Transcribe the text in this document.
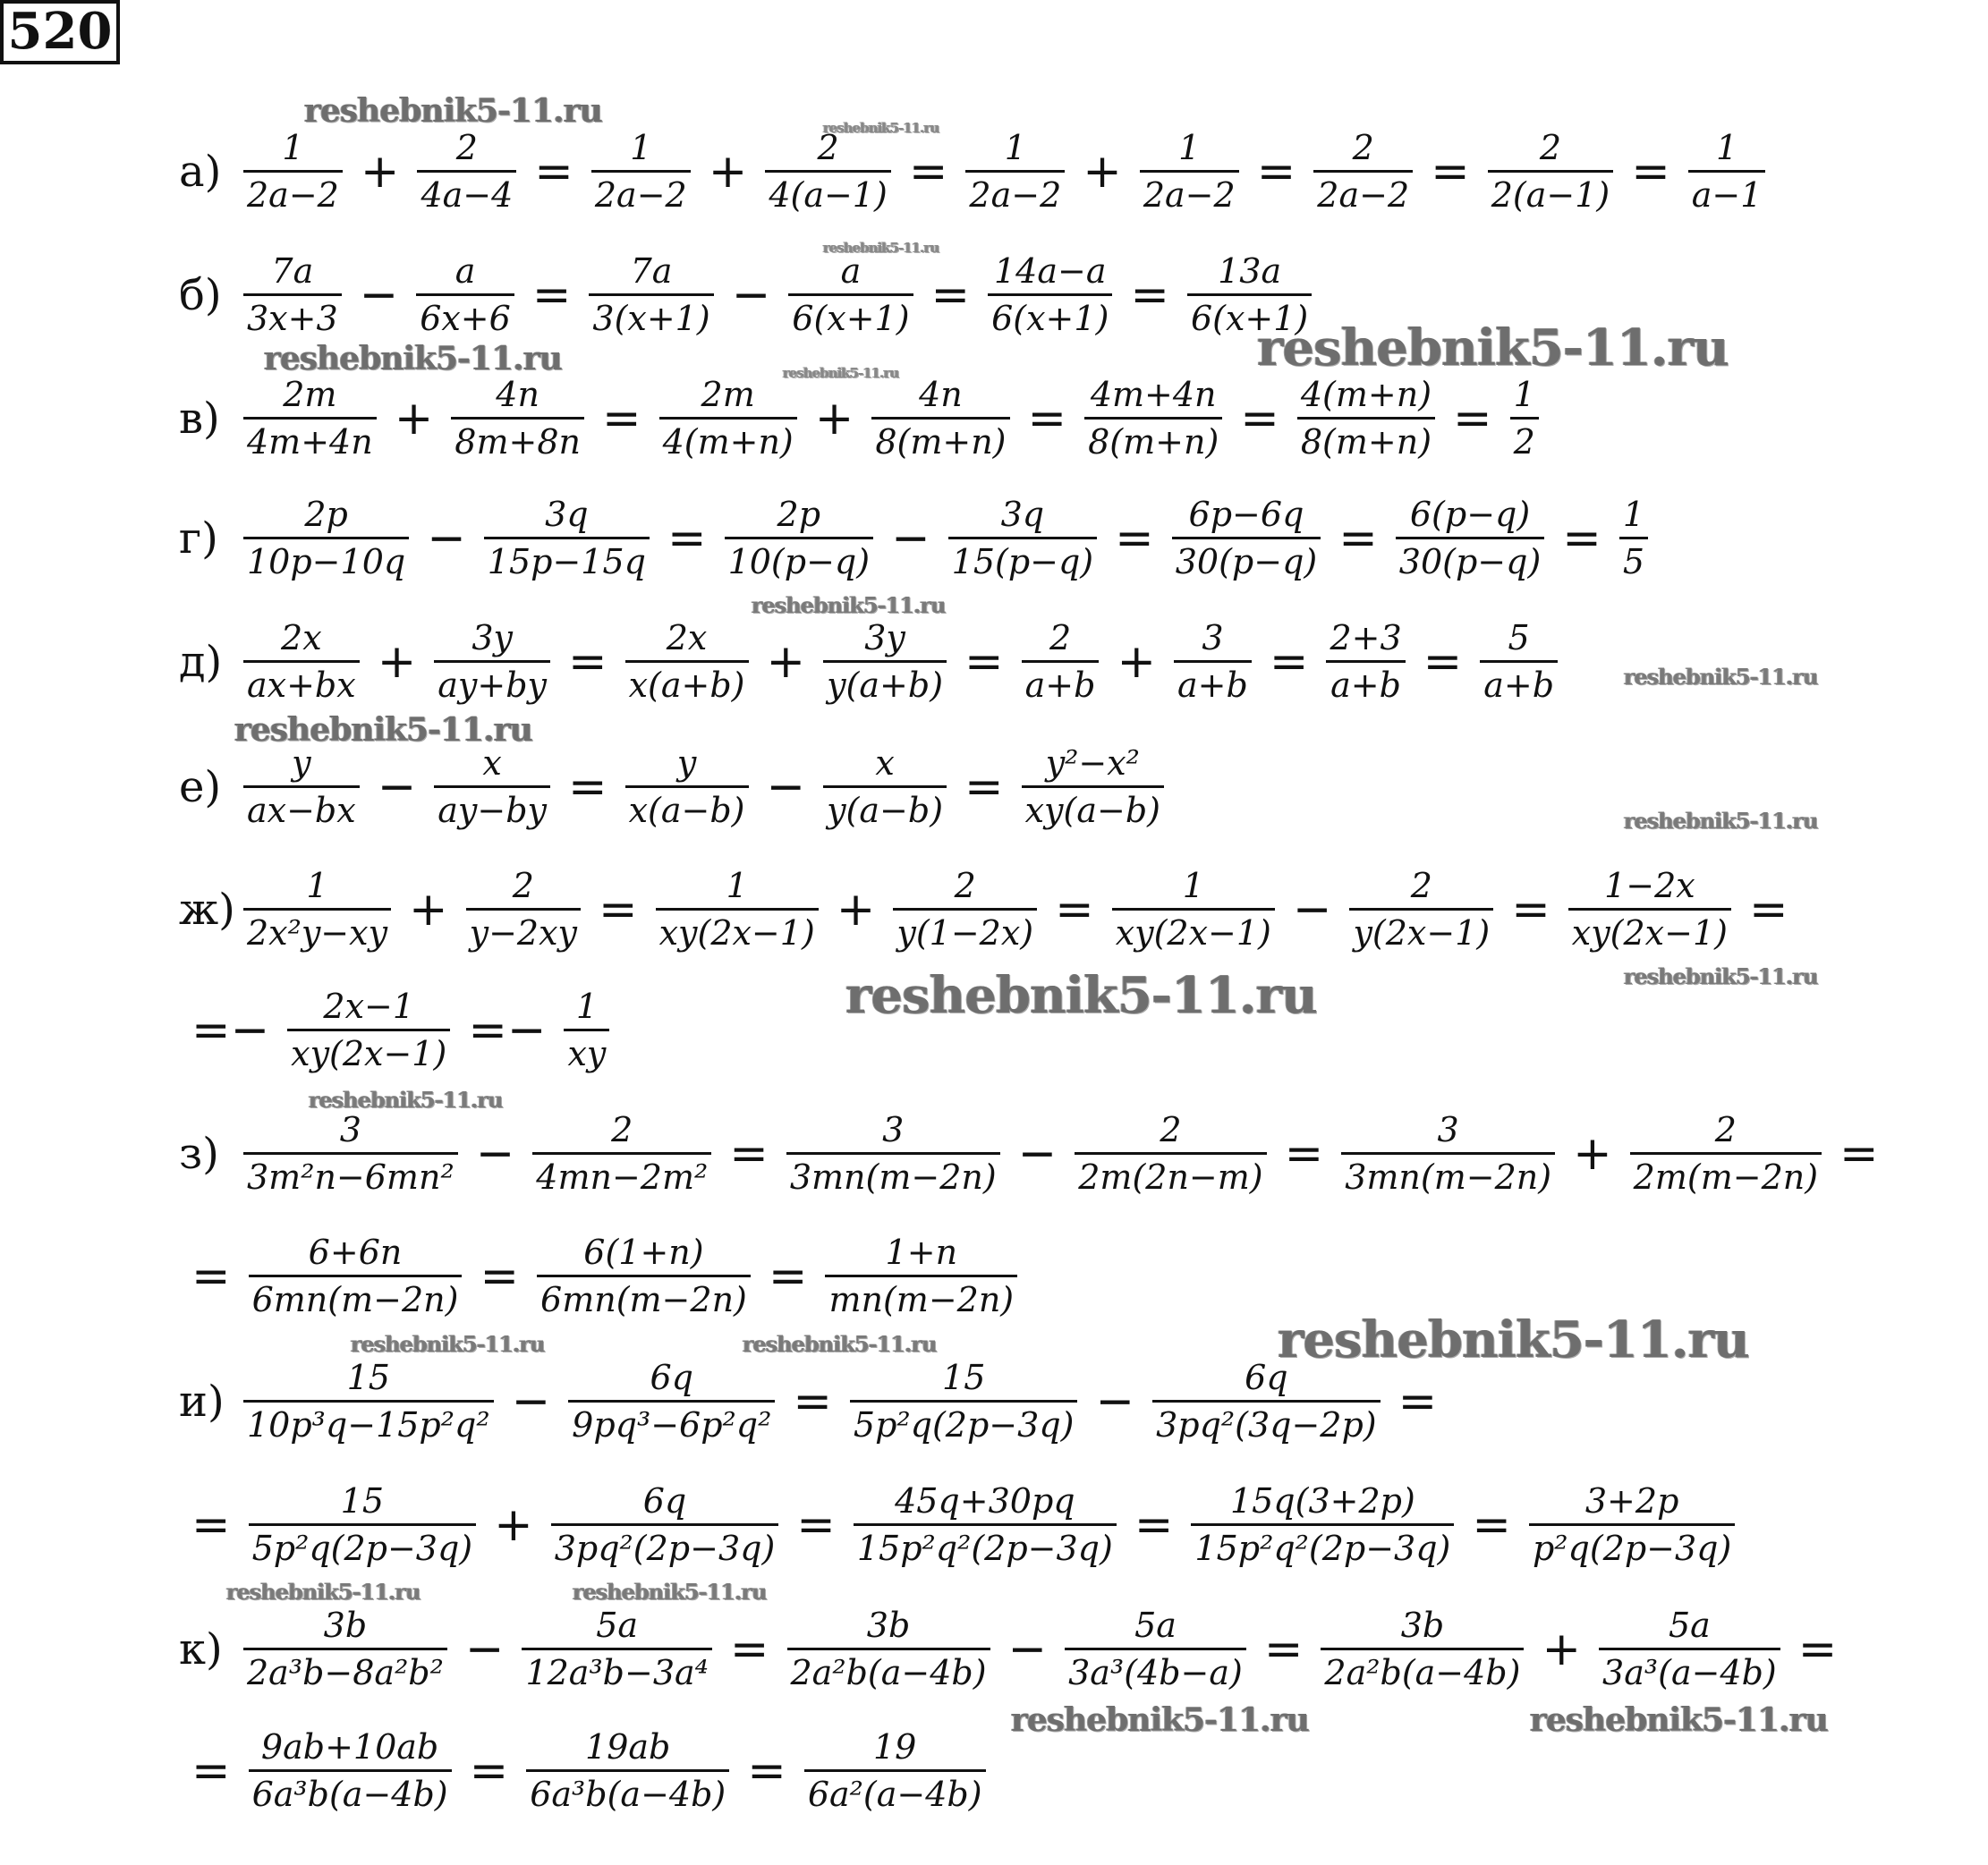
520
$а) \frac{1}{2a-2} + \frac{2}{4a-4} = \frac{1}{2a-2} + \frac{2}{4(a-1)} = \frac{1}{2a-2} + \frac{1}{2a-2} = \frac{2}{2a-2} = \frac{2}{2(a-1)} = \frac{1}{a-1}$
$б) \frac{7a}{3x+3} - \frac{a}{6x+6} = \frac{7a}{3(x+1)} - \frac{a}{6(x+1)} = \frac{14a-a}{6(x+1)} = \frac{13a}{6(x+1)}$
$в) \frac{2m}{4m+4n} + \frac{4n}{8m+8n} = \frac{2m}{4(m+n)} + \frac{4n}{8(m+n)} = \frac{4m+4n}{8(m+n)} = \frac{4(m+n)}{8(m+n)} = \frac{1}{2}$
$г) \frac{2p}{10p-10q} - \frac{3q}{15p-15q} = \frac{2p}{10(p-q)} - \frac{3q}{15(p-q)} = \frac{6p-6q}{30(p-q)} = \frac{6(p-q)}{30(p-q)} = \frac{1}{5}$
$д) \frac{2x}{ax+bx} + \frac{3y}{ay+by} = \frac{2x}{x(a+b)} + \frac{3y}{y(a+b)} = \frac{2}{a+b} + \frac{3}{a+b} = \frac{2+3}{a+b} = \frac{5}{a+b}$
$е) \frac{y}{ax-bx} - \frac{x}{ay-by} = \frac{y}{x(a-b)} - \frac{x}{y(a-b)} = \frac{\text{y²−x²}}{xy(a-b)}$
$ж) \frac{1}{\text{2x²y−xy}} + \frac{2}{y-2xy} = \frac{1}{xy(2x-1)} + \frac{2}{y(1-2x)} = \frac{1}{xy(2x-1)} - \frac{2}{y(2x-1)} = \frac{1-2x}{xy(2x-1)}$ =
=− $\frac{2x-1}{xy(2x-1)} =- \frac{1}{xy}$
$з) \frac{3}{\text{3m²n−6mn²}} - \frac{2}{\text{4mn−2m²}} = \frac{3}{3mn(m-2n)} - \frac{2}{2m(2n-m)} = \frac{3}{3mn(m-2n)} + \frac{2}{2m(m-2n)}$ =
= $\frac{6+6n}{6mn(m-2n)} = \frac{6(1+n)}{6mn(m-2n)} = \frac{1+n}{mn(m-2n)}$
$и) \frac{15}{\text{10p³q−15p²q²}} - \frac{6q}{\text{9pq³−6p²q²}} = \frac{15}{\text{5p²q(2p−3q)}} - \frac{6q}{\text{3pq²(3q−2p)}}$ =
= $\frac{15}{\text{5p²q(2p−3q)}} + \frac{6q}{\text{3pq²(2p−3q)}} = \frac{45q+30pq}{\text{15p²q²(2p−3q)}} = \frac{15q(3+2p)}{\text{15p²q²(2p−3q)}} = \frac{3+2p}{\text{p²q(2p−3q)}}$
$к) \frac{3b}{\text{2a³b−8a²b²}} - \frac{5a}{\text{12a³b−3a⁴}} = \frac{3b}{\text{2a²b(a−4b)}} - \frac{5a}{\text{3a³(4b−a)}} = \frac{3b}{\text{2a²b(a−4b)}} + \frac{5a}{\text{3a³(a−4b)}}$ =
= $\frac{9ab+10ab}{\text{6a³b(a−4b)}} = \frac{19ab}{\text{6a³b(a−4b)}} = \frac{19}{\text{6a²(a−4b)}}$
reshebnik5-11.ru	reshebnik5-11.ru
reshebnik5-11.ru
reshebnik5-11.ru
reshebnik5-11.ru	reshebnik5-11.ru
reshebnik5-11.ru
reshebnik5-11.ru
reshebnik5-11.ru
reshebnik5-11.ru
reshebnik5-11.ru	reshebnik5-11.ru
reshebnik5-11.ru
reshebnik5-11.ru
reshebnik5-11.ru	reshebnik5-11.ru
reshebnik5-11.ru	reshebnik5-11.ru
reshebnik5-11.ru	reshebnik5-11.ru
